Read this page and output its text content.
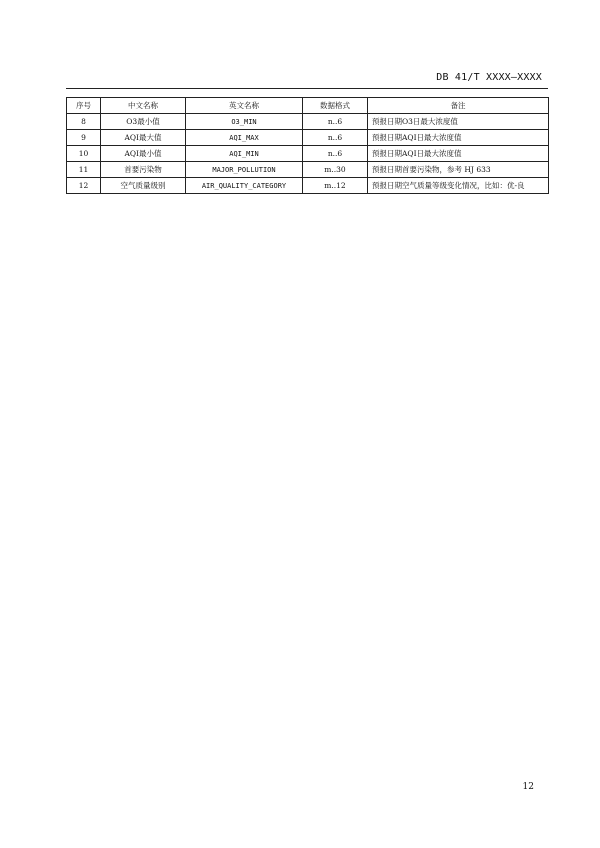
DB 41/T XXXX—XXXX
序号	中文名称	英文名称	数据格式	备注
8	O3最小值	O3_MIN	n..6	预报日期O3日最大浓度值
9	AQI最大值	AQI_MAX	n..6	预报日期AQI日最大浓度值
10	AQI最小值	AQI_MIN	n..6	预报日期AQI日最大浓度值
11	首要污染物	MAJOR_POLLUTION	m..30	预报日期首要污染物，参考 HJ 633
12	空气质量级别	AIR_QUALITY_CATEGORY	m..12	预报日期空气质量等级变化情况，比如：优-良
12
